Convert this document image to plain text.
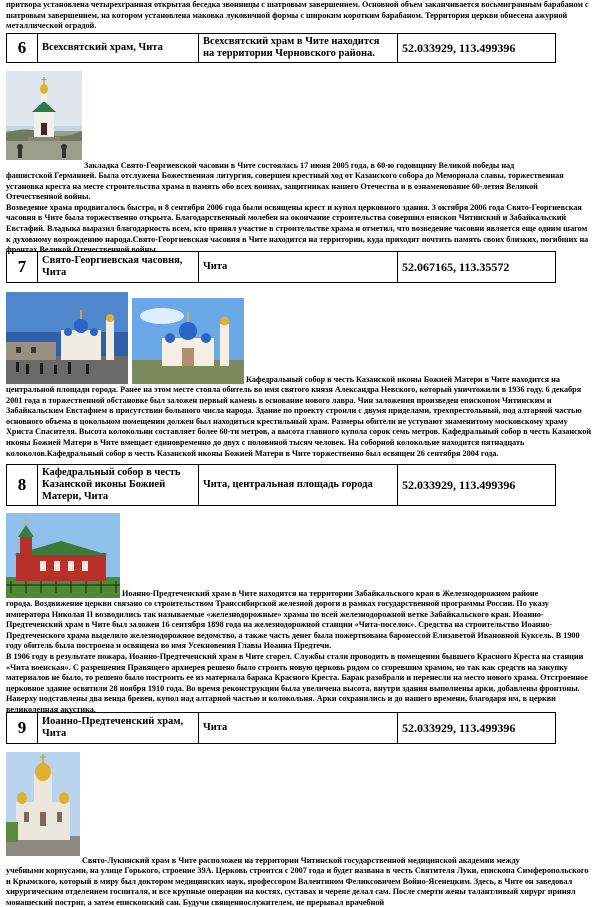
притвора установлена четырехгранная открытая беседка звонницы с шатровым завершением. Основной объем заканчивается восьмигранным барабаном с шатровым завершением, на котором установлена маковка луковичной формы с широким коротким барабаном. Территория церкви обнесена ажурной металлической оградой.

6	Всехсвятский храм, Чита	Всехсвятский храм в Чите находится на территории Черновского района.	52.033929, 113.499396
Закладка Свято-Георгиевской часовни в Чите состоялась 17 июня 2005 года, в 60-ю годовщину Великой победы над

фашистской Германией. Была отслужена Божественная литургия, совершен крестный ход от Казанского собора до Мемориала славы, торжественная установка креста на месте строительства храма в память обо всех воинах, защитниках нашего Отечества и в ознаменование 60-летия Великой Отечественной войны.

Возведение храма продвигалось быстро, и 8 сентября 2006 года были освящены крест и купол церковного здания. 3 октября 2006 года Свято-Георгиевская часовня в Чите была торжественно открыта. Благодарственный молебен на окончание строительства совершил епископ Читинский и Забайкальский Евстафий. Владыка выразил благодарность всем, кто принял участие в строительстве храма и отметил, что возведение часовни является еще одним шагом к духовному возрождению народа.Свято-Георгиевская часовня в Чите находится на территории, куда приходят почтить память своих близких, погибших на фронтах Великой Отечественной войны.

7	Свято-Георгиевская часовня, Чита	Чита	52.067165, 113.35572
Кафедральный собор в честь Казанской иконы Божией Матери в Чите находится на

центральной площади города. Ранее на этом месте стояла обитель во имя святого князя Александра Невского, который уничтожили в 1936 году. 6 декабря 2001 года в торжественной обстановке был заложен первый камень в основание нового лавра. Чин заложения произведен епископом Читинским и Забайкальским Евстафием в присутствии большого числа народа. Здание по проекту строили с двумя приделами, трехпрестольный, под алтарной частью основного объема в цокольном помещении должен был находиться крестильный храм. Размеры обители не уступают знаменитому московскому храму Христа Спасителя. Высота колокольни составляет более 60-ти метров, а высота главного купола сорок семь метров. Кафедральный собор в честь Казанской иконы Божией Матери в Чите вмещает единовременно до двух с половиной тысяч человек. На соборной колокольне находится пятнадцать колоколов.Кафедральный собор в честь Казанской иконы Божией Матери в Чите торжественно был освящен 26 сентября 2004 года.

8	Кафедральный собор в честь Казанской иконы Божией Матери, Чита	Чита, центральная площадь города	52.033929, 113.499396
Иоанно-Предтеченский храм в Чите находится на территории Забайкальского края в Железнодорожном районе

города. Воздвижение церкви связано со строительством Транссибирской железной дороги в рамках государственной программы России. По указу императора Николая II возводились так называемые «железнодорожные» храмы по всей железнодорожной ветке Забайкальского края. Иоанно-Предтеченский храм в Чите был заложен 16 сентября 1898 года на железнодорожной станции «Чита-поселок». Средства на строительство Иоанно-Предтеченского храма выделило железнодорожное ведомство, а также часть денег была пожертвована баронессой Елизаветой Ивановной Куксель. В 1900 году обитель была построена и освящена во имя Усекновения Главы Иоанна Предтечи.

В 1906 году в результате пожара, Иоанно-Предтеченский храм в Чите сгорел. Службы стали проводить в помещении бывшего Красного Креста на станции «Чита военская». С разрешения Правящего архиерея решено было строить новую церковь рядом со сгоревшим храмом, но так как средств на закупку материалов не было, то решено было построить ее из материала барака Красного Креста. Барак разобрали и перенесли на место нового храма. Отстроенное церковное здание освятили 28 ноября 1910 года. Во время реконструкции была увеличена высота, внутри здания выполнены арки, добавлены фронтоны. Наверху подставлены два венца бревен, купол над алтарной частью и колокольня. Арки сохранились и до нашего времени, благодаря им, в церкви великолепная акустика.

9	Иоанно-Предтеченский храм, Чита	Чита	52.033929, 113.499396
Свято-Лукинский храм в Чите расположен на территории Читинской государственной медицинской академии между

учебными корпусами, на улице Горького, строение 39А. Церковь строится с 2007 года и будет названа в честь Святителя Луки, епископа Симферопольского и Крымского, который в миру был доктором медицинских наук, профессором Валентином Феликсовичем Войно-Ясенецким. Здесь, в Чите он заведовал хирургическим отделением госпиталя, и все крупные операции на костях, суставах и черепе делал сам. После смерти жены талантливый хирург принял монашеский постриг, а затем епископский сан. Будучи священнослужителем, не прерывал врачебной
